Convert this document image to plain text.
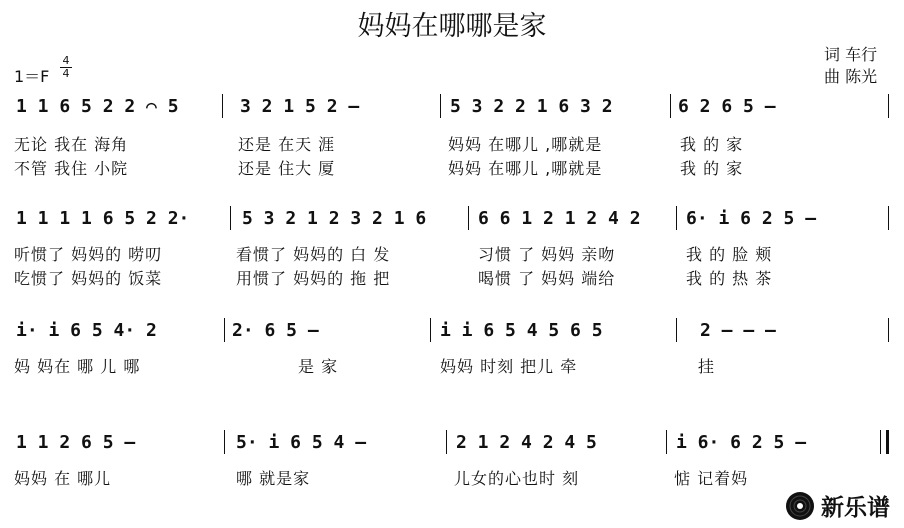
妈妈在哪哪是家
词 车行
曲 陈光
1＝F
4
4
1 1 6 5 2 2 ⌒ 5	3 2 1 5 2 –	5 3 2 2 1 6 3 2	6 2 6 5 –
无论 我在 海角
不管 我住 小院
还是 在天 涯
还是 住大 厦
妈妈 在哪儿 ,哪就是
妈妈 在哪儿 ,哪就是
我 的 家
我 的 家
1 1 1 1 6 5 2 2·	5 3 2 1 2 3 2 1 6	6 6 1 2 1 2 4 2	6· i 6 2 5 –
听惯了 妈妈的 唠叨
吃惯了 妈妈的 饭菜
看惯了 妈妈的 白 发
用惯了 妈妈的 拖 把
习惯 了 妈妈 亲吻
喝惯 了 妈妈 端给
我 的 脸 颊
我 的 热 茶
i· i 6 5 4· 2	2· 6 5 –	i i 6 5 4 5 6 5	2 – – –
妈 妈在 哪 儿 哪	是 家	妈妈 时刻 把儿 牵	挂
1 1 2 6 5 –	5· i 6 5 4 –	2 1 2 4 2 4 5	i 6· 6 2 5 –
妈妈 在 哪儿	哪 就是家	儿女的心也时 刻	惦 记着妈
新乐谱
